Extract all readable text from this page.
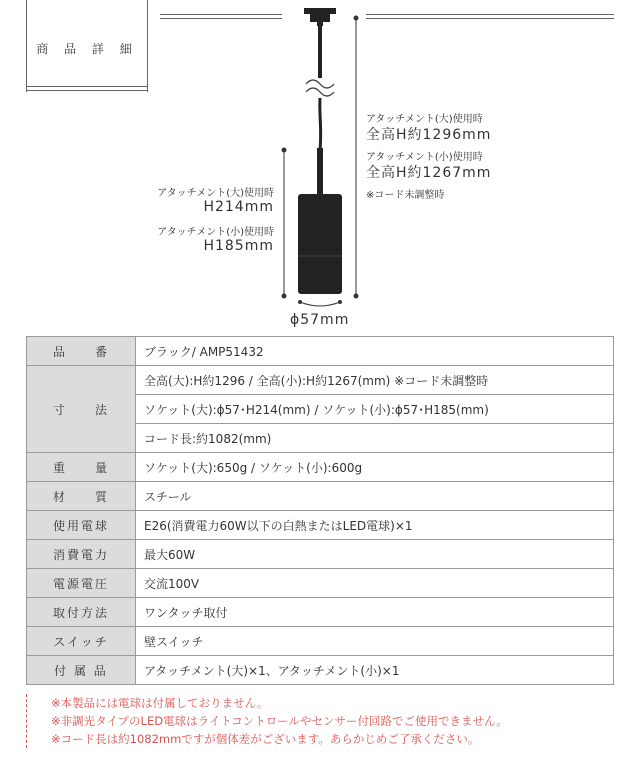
商 品 詳 細
アタッチメント(大)使用時
全高H約1296mm
アタッチメント(小)使用時
全高H約1267mm
※コード未調整時
アタッチメント(大)使用時
H214mm
アタッチメント(小)使用時
H185mm
ϕ57mm
品　　番	ブラック/ AMP51432
寸　　法	全高(大):H約1296 / 全高(小):H約1267(mm) ※コード未調整時
	ソケット(大):ϕ57･H214(mm) / ソケット(小):ϕ57･H185(mm)
	コード長:約1082(mm)
重　　量	ソケット(大):650g / ソケット(小):600g
材　　質	スチール
使用電球	E26(消費電力60W以下の白熱またはLED電球)×1
消費電力	最大60W
電源電圧	交流100V
取付方法	ワンタッチ取付
スイッチ	壁スイッチ
付 属 品	アタッチメント(大)×1、アタッチメント(小)×1
※本製品には電球は付属しておりません。
※非調光タイプのLED電球はライトコントロールやセンサー付回路でご使用できません。
※コード長は約1082mmですが個体差がございます。あらかじめご了承ください。
